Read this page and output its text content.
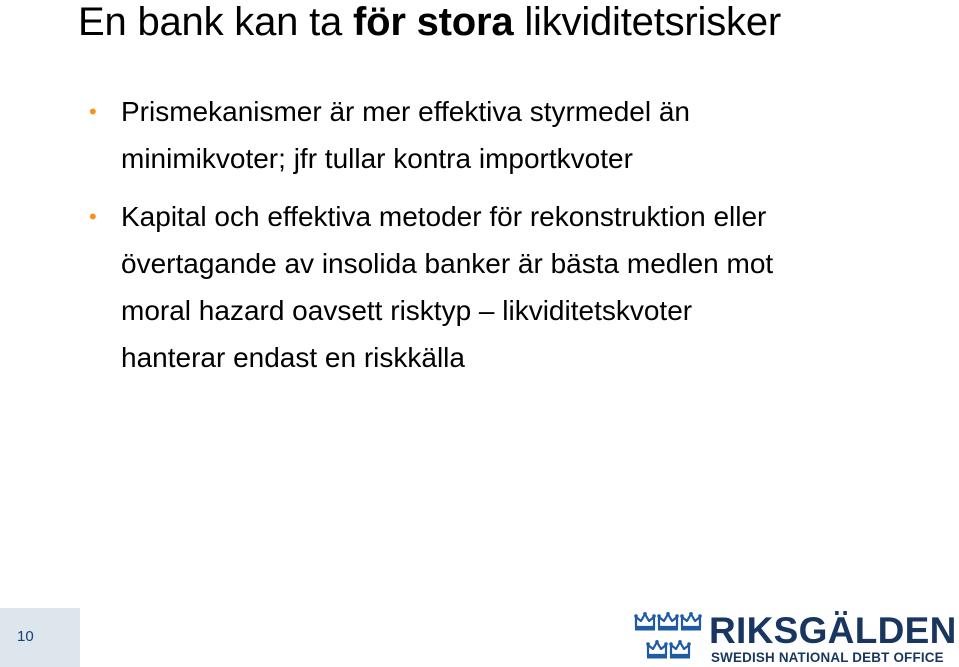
En bank kan ta för stora likviditetsrisker
• Prismekanismer är mer effektiva styrmedel än
minimikvoter; jfr tullar kontra importkvoter
• Kapital och effektiva metoder för rekonstruktion eller
övertagande av insolida banker är bästa medlen mot
moral hazard oavsett risktyp – likviditetskvoter
hanterar endast en riskkälla
10	RIKSGÄLDEN
SWEDISH NATIONAL DEBT OFFICE
